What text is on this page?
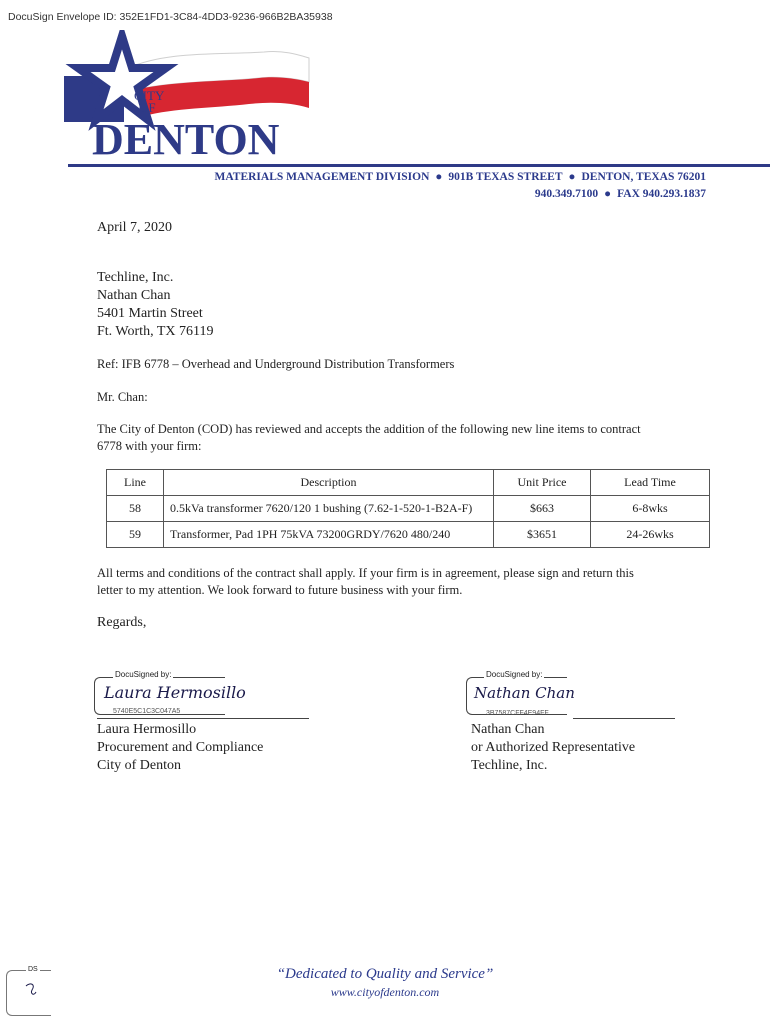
DocuSign Envelope ID: 352E1FD1-3C84-4DD3-9236-966B2BA35938
CITY
OF
DENTON
MATERIALS MANAGEMENT DIVISION ● 901B TEXAS STREET ● DENTON, TEXAS 76201
940.349.7100 ● FAX 940.293.1837
April 7, 2020
Techline, Inc.
Nathan Chan
5401 Martin Street
Ft. Worth, TX 76119
Ref: IFB 6778 – Overhead and Underground Distribution Transformers
Mr. Chan:
The City of Denton (COD) has reviewed and accepts the addition of the following new line items to contract
6778 with your firm:
Line	Description	Unit Price	Lead Time
58	0.5kVa transformer 7620/120 1 bushing (7.62-1-520-1-B2A-F)	$663	6-8wks
59	Transformer, Pad 1PH 75kVA 73200GRDY/7620 480/240	$3651	24-26wks
All terms and conditions of the contract shall apply. If your firm is in agreement, please sign and return this
letter to my attention. We look forward to future business with your firm.
Regards,
DocuSigned by:
Laura Hermosillo
5740E5C1C3C047A5
Laura Hermosillo
Procurement and Compliance
City of Denton
DocuSigned by:
Nathan Chan
3B7587CFF4E94FF
Nathan Chan
or Authorized Representative
Techline, Inc.
DS	“Dedicated to Quality and Service”
www.cityofdenton.com
